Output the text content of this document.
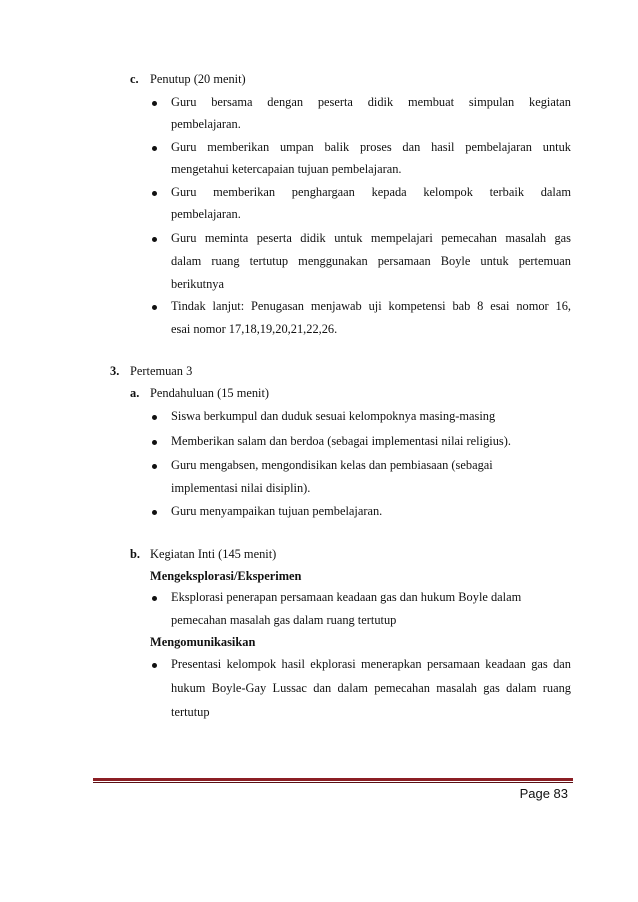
c. Penutup (20 menit)
Guru bersama dengan peserta didik membuat simpulan kegiatan
pembelajaran.
Guru memberikan umpan balik proses dan hasil pembelajaran untuk
mengetahui ketercapaian tujuan pembelajaran.
Guru memberikan penghargaan kepada kelompok terbaik dalam
pembelajaran.
Guru meminta peserta didik untuk mempelajari pemecahan masalah gas
dalam ruang tertutup menggunakan persamaan Boyle untuk pertemuan
berikutnya
Tindak lanjut: Penugasan menjawab uji kompetensi bab 8 esai nomor 16,
esai nomor 17,18,19,20,21,22,26.
3. Pertemuan 3
a. Pendahuluan (15 menit)
Siswa berkumpul dan duduk sesuai kelompoknya masing-masing
Memberikan salam dan berdoa (sebagai implementasi nilai religius).
Guru mengabsen, mengondisikan kelas dan pembiasaan (sebagai
implementasi nilai disiplin).
Guru menyampaikan tujuan pembelajaran.
b. Kegiatan Inti (145 menit)
Mengeksplorasi/Eksperimen
Eksplorasi penerapan persamaan keadaan gas dan hukum Boyle dalam
pemecahan masalah gas dalam ruang tertutup
Mengomunikasikan
Presentasi kelompok hasil ekplorasi menerapkan persamaan keadaan gas dan
hukum Boyle-Gay Lussac dan dalam pemecahan masalah gas dalam ruang
tertutup
Page 83
